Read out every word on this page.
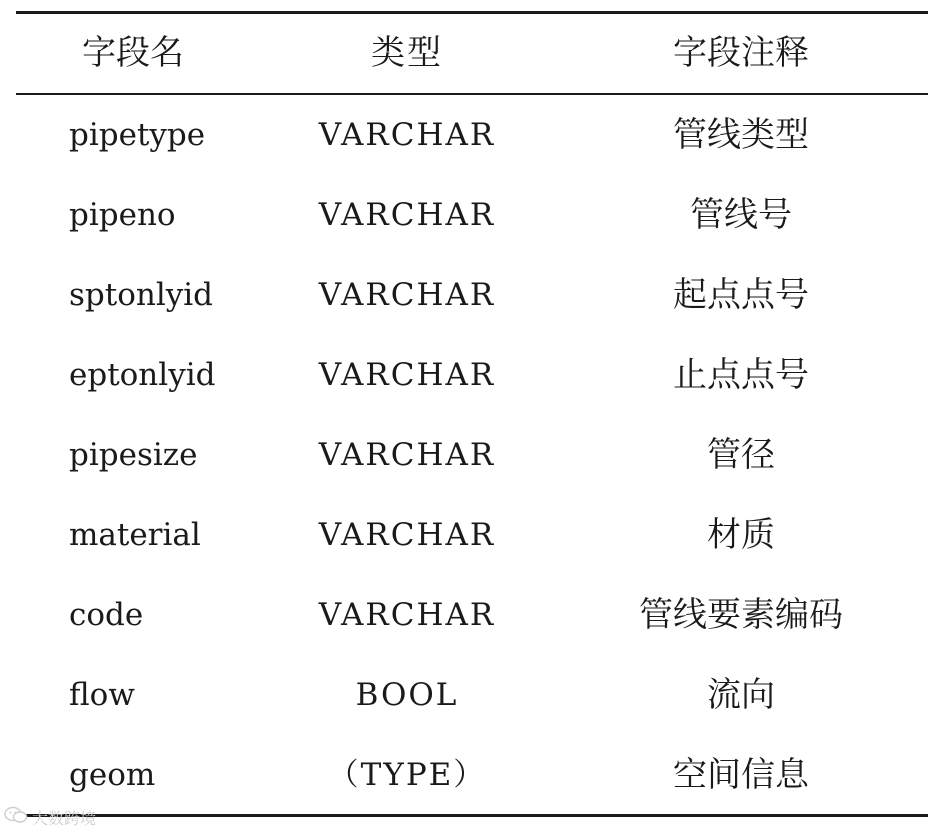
字段名	类型	字段注释
pipetype	VARCHAR	管线类型
pipeno	VARCHAR	管线号
sptonlyid	VARCHAR	起点点号
eptonlyid	VARCHAR	止点点号
pipesize	VARCHAR	管径
material	VARCHAR	材质
code	VARCHAR	管线要素编码
flow	BOOL	流向
geom	（TYPE）	空间信息
大数跨境
